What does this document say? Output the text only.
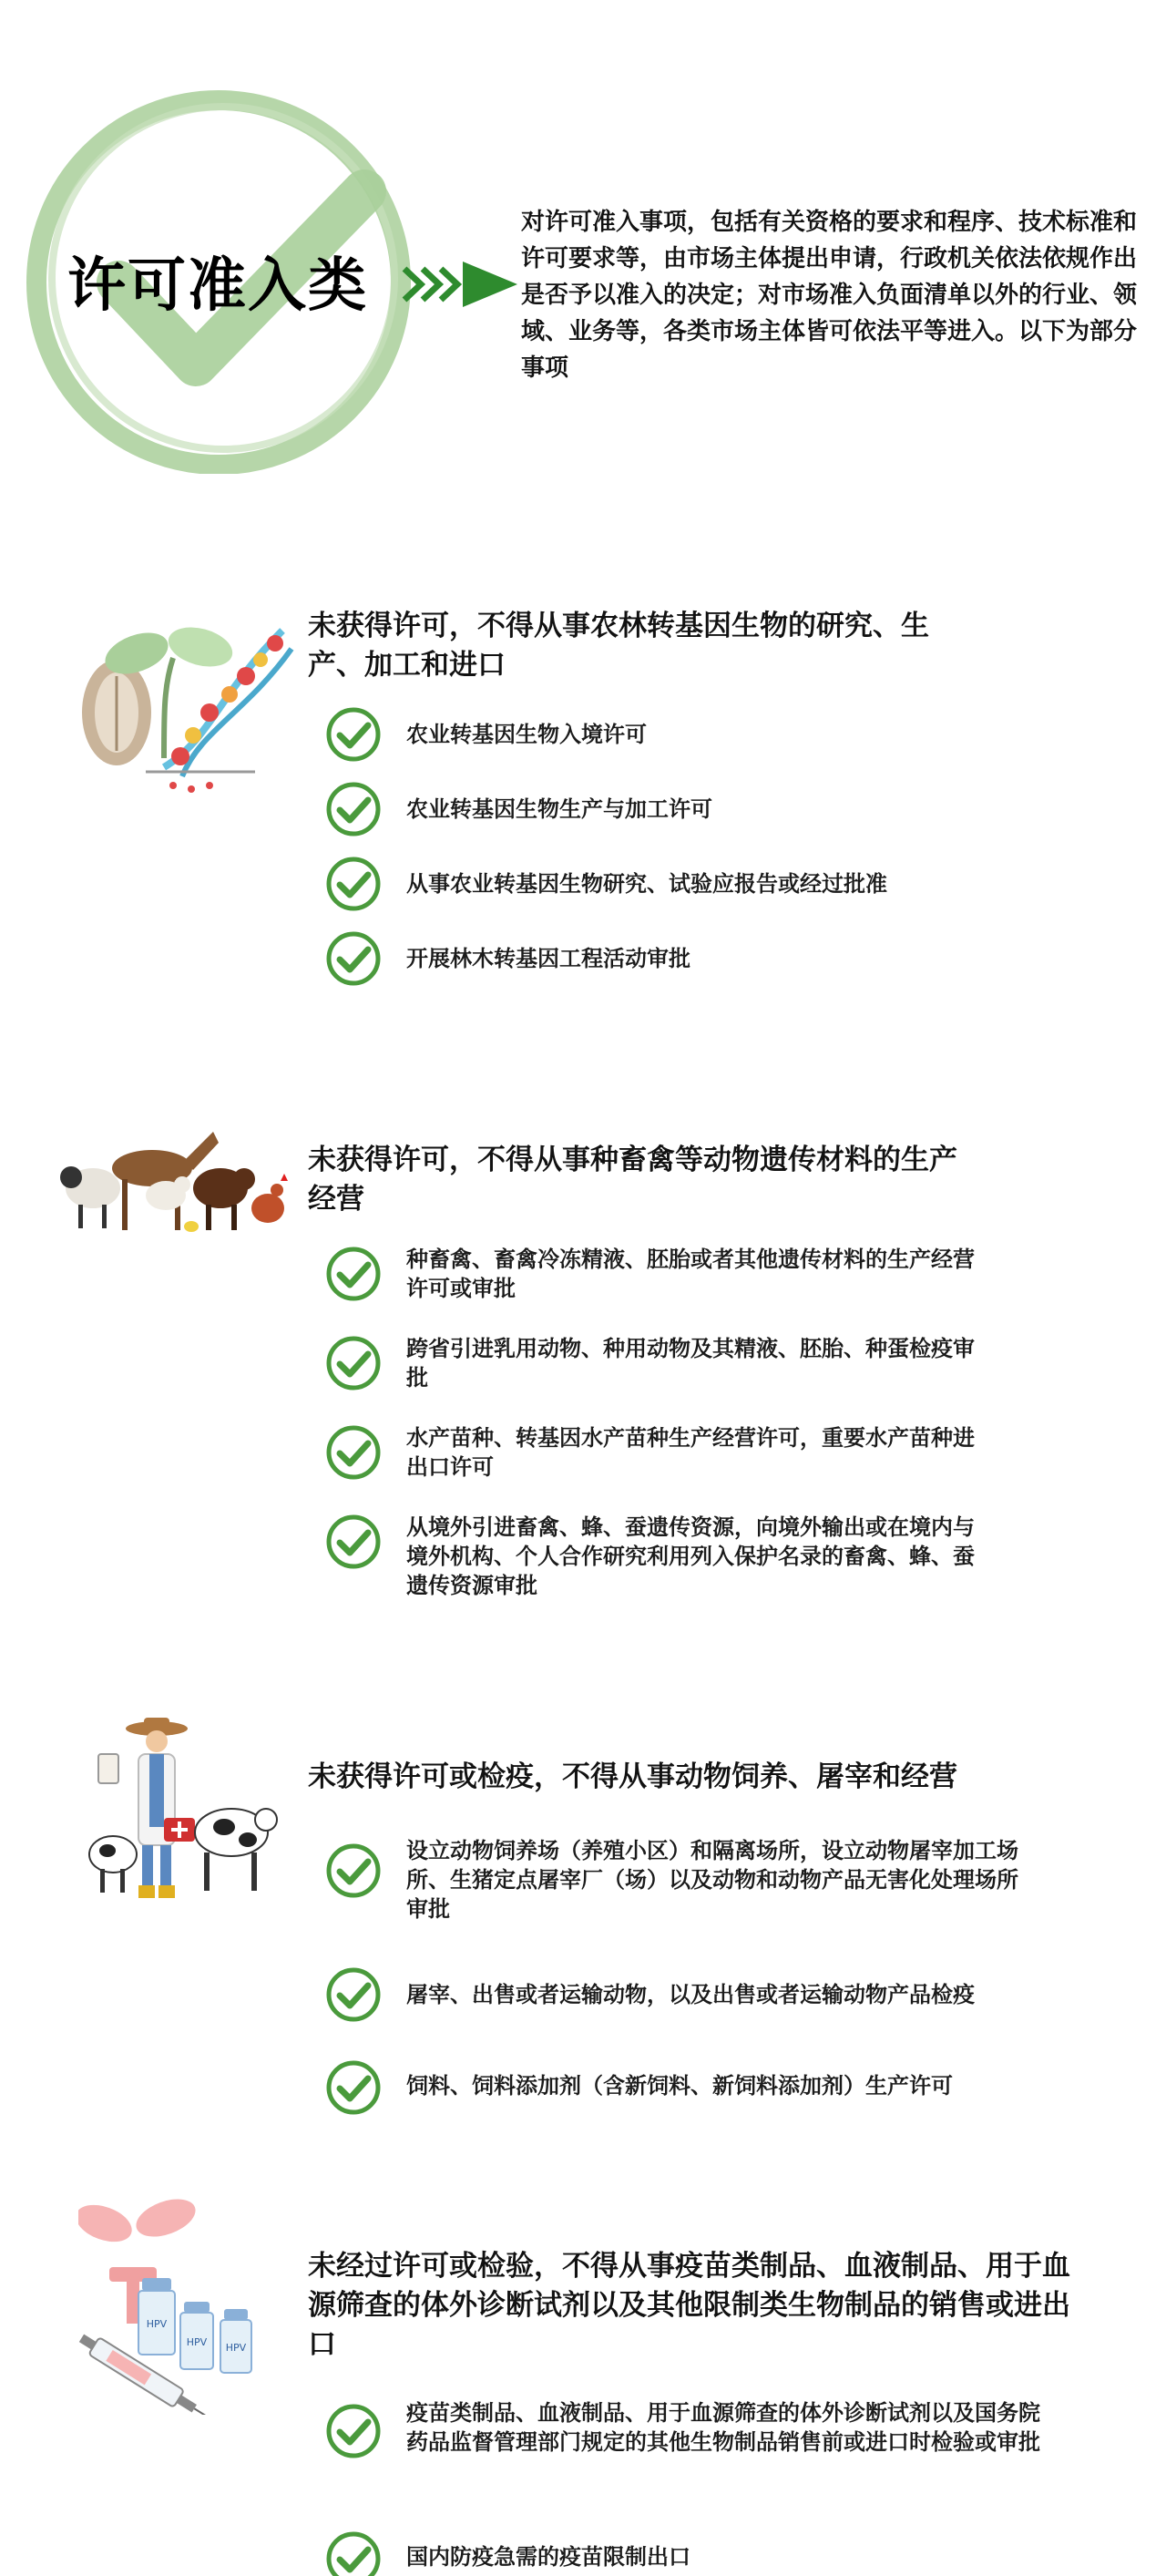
许可准入类
对许可准入事项，包括有关资格的要求和程序、技术标准和许可要求等，由市场主体提出申请，行政机关依法依规作出是否予以准入的决定；对市场准入负面清单以外的行业、领域、业务等，各类市场主体皆可依法平等进入。以下为部分事项
未获得许可，不得从事农林转基因生物的研究、生产、加工和进口
农业转基因生物入境许可
农业转基因生物生产与加工许可
从事农业转基因生物研究、试验应报告或经过批准
开展林木转基因工程活动审批
未获得许可，不得从事种畜禽等动物遗传材料的生产经营
种畜禽、畜禽冷冻精液、胚胎或者其他遗传材料的生产经营许可或审批
跨省引进乳用动物、种用动物及其精液、胚胎、种蛋检疫审批
水产苗种、转基因水产苗种生产经营许可，重要水产苗种进出口许可
从境外引进畜禽、蜂、蚕遗传资源，向境外输出或在境内与境外机构、个人合作研究利用列入保护名录的畜禽、蜂、蚕遗传资源审批
未获得许可或检疫，不得从事动物饲养、屠宰和经营
设立动物饲养场（养殖小区）和隔离场所，设立动物屠宰加工场所、生猪定点屠宰厂（场）以及动物和动物产品无害化处理场所审批
屠宰、出售或者运输动物，以及出售或者运输动物产品检疫
饲料、饲料添加剂（含新饲料、新饲料添加剂）生产许可
HPV
HPV HPV
未经过许可或检验，不得从事疫苗类制品、血液制品、用于血源筛查的体外诊断试剂以及其他限制类生物制品的销售或进出口
疫苗类制品、血液制品、用于血源筛查的体外诊断试剂以及国务院药品监督管理部门规定的其他生物制品销售前或进口时检验或审批
国内防疫急需的疫苗限制出口
